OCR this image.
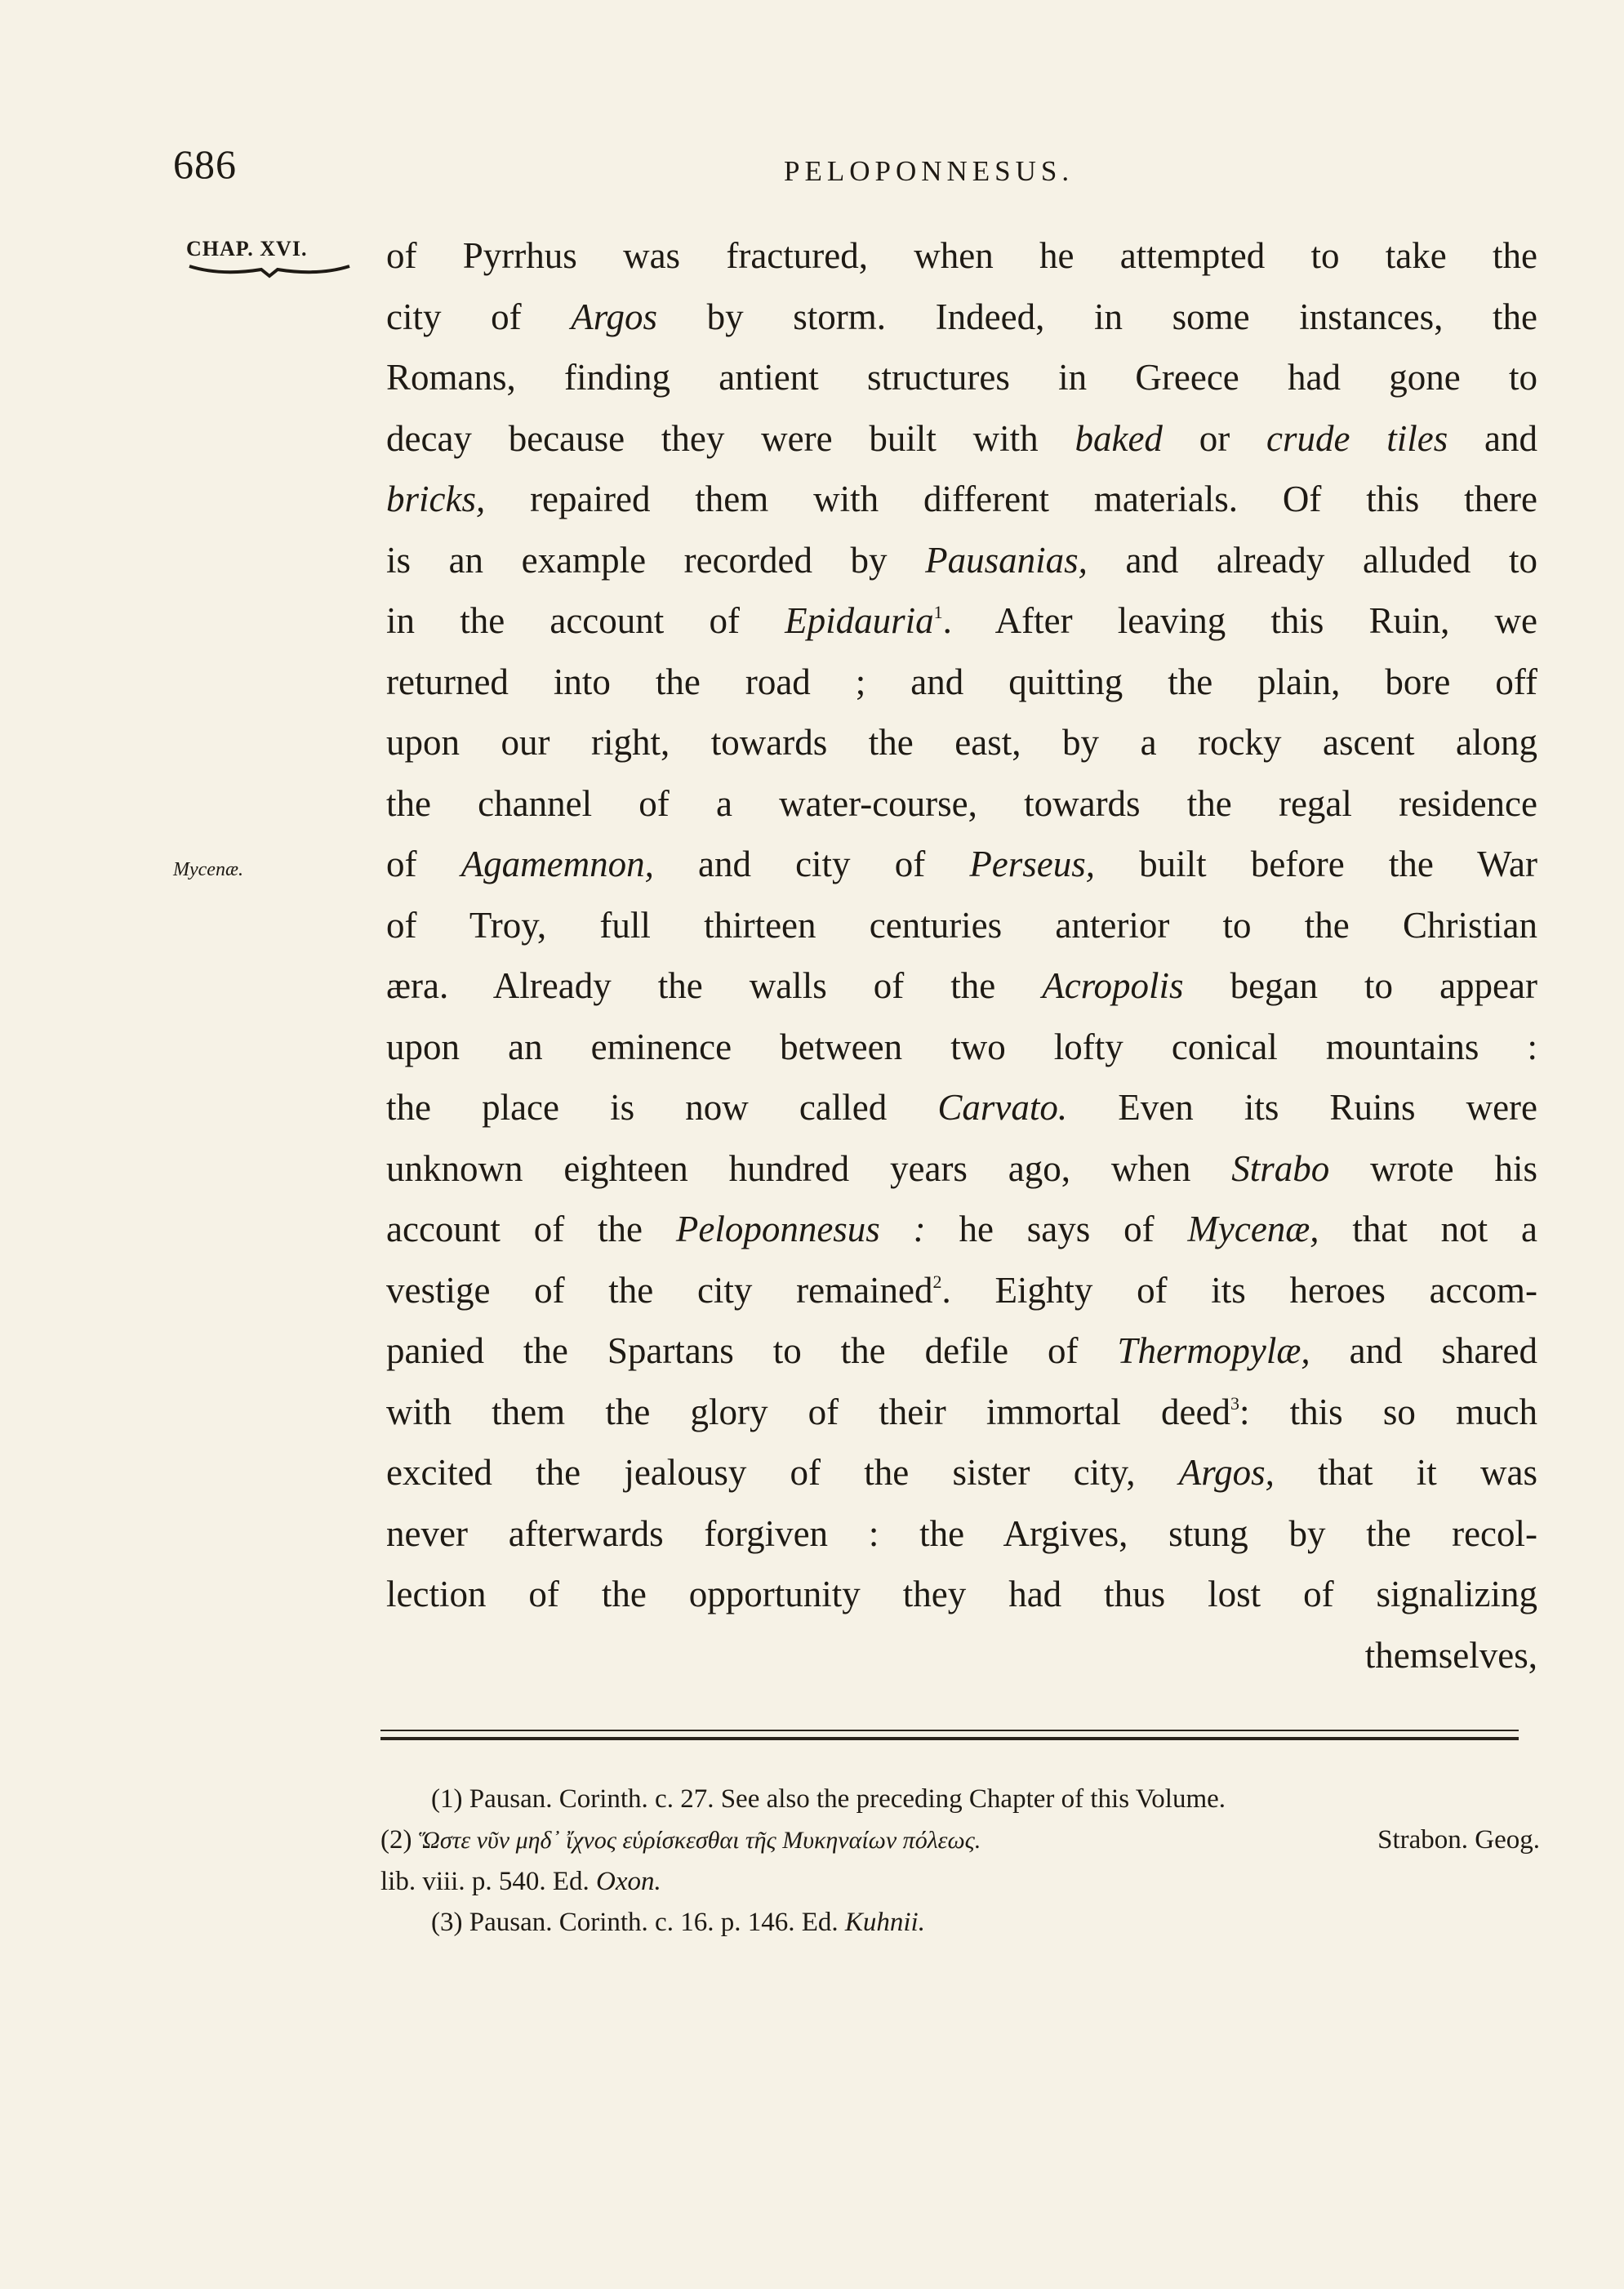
686	PELOPONNESUS.
CHAP. XVI.
Mycenæ.
of Pyrrhus was fractured, when he attempted to take the
city of Argos by storm. Indeed, in some instances, the
Romans, finding antient structures in Greece had gone to
decay because they were built with baked or crude tiles and
bricks, repaired them with different materials. Of this there
is an example recorded by Pausanias, and already alluded to
in the account of Epidauria$^1$. After leaving this Ruin, we
returned into the road ; and quitting the plain, bore off
upon our right, towards the east, by a rocky ascent along
the channel of a water-course, towards the regal residence
of Agamemnon, and city of Perseus, built before the War
of Troy, full thirteen centuries anterior to the Christian
æra. Already the walls of the Acropolis began to appear
upon an eminence between two lofty conical mountains :
the place is now called Carvato. Even its Ruins were
unknown eighteen hundred years ago, when Strabo wrote his
account of the Peloponnesus : he says of Mycenæ, that not a
vestige of the city remained$^2$. Eighty of its heroes accom-
panied the Spartans to the defile of Thermopylæ, and shared
with them the glory of their immortal deed$^3$: this so much
excited the jealousy of the sister city, Argos, that it was
never afterwards forgiven : the Argives, stung by the recol-
lection of the opportunity they had thus lost of signalizing
themselves,
(1) Pausan. Corinth. c. 27. See also the preceding Chapter of this Volume.
(2) Ὥστε νῦν μηδ᾽ ἴχνος εὑρίσκεσθαι τῆς Μυκηναίων πόλεως.	Strabon. Geog.
lib. viii. p. 540. Ed. Oxon.
(3) Pausan. Corinth. c. 16. p. 146. Ed. Kuhnii.
